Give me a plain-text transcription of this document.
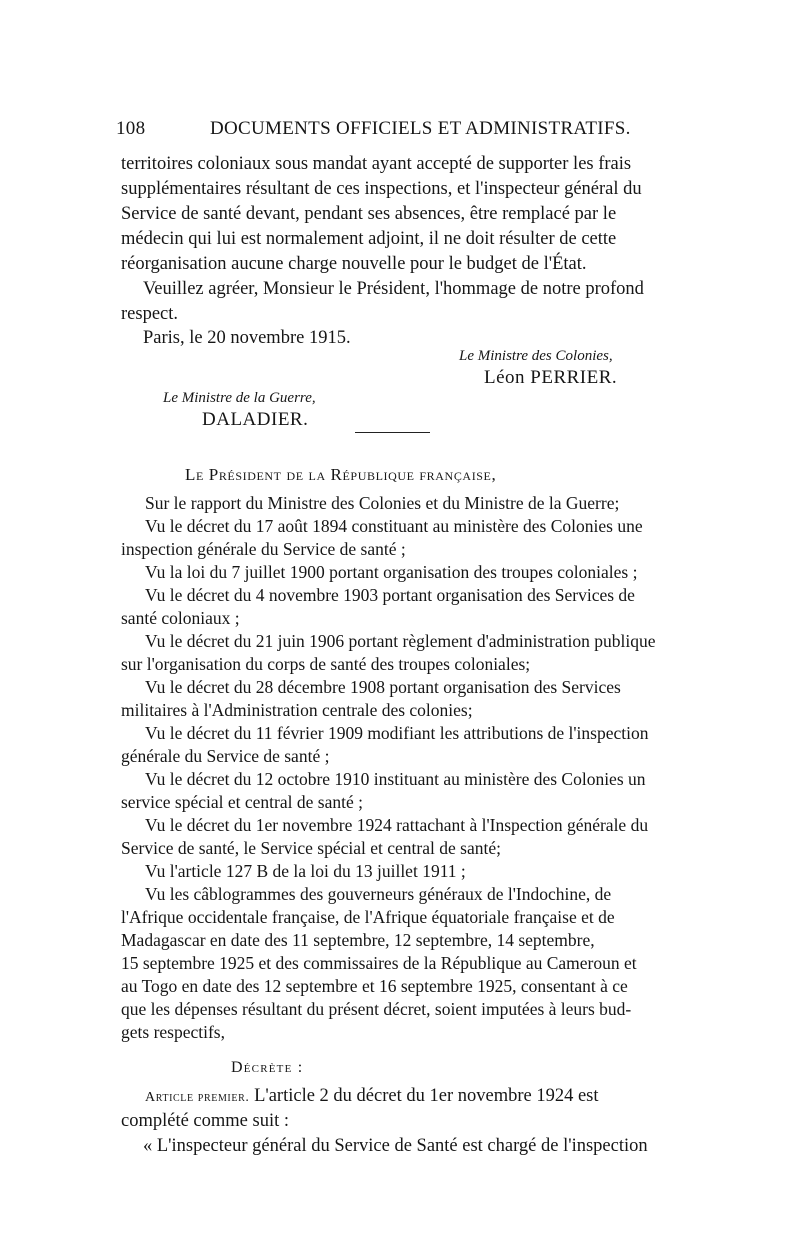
108	DOCUMENTS OFFICIELS ET ADMINISTRATIFS.
territoires coloniaux sous mandat ayant accepté de supporter les frais
supplémentaires résultant de ces inspections, et l'inspecteur général du
Service de santé devant, pendant ses absences, être remplacé par le
médecin qui lui est normalement adjoint, il ne doit résulter de cette
réorganisation aucune charge nouvelle pour le budget de l'État.
Veuillez agréer, Monsieur le Président, l'hommage de notre profond
respect.
Paris, le 20 novembre 1915.
Le Ministre des Colonies,
Léon PERRIER.
Le Ministre de la Guerre,
DALADIER.
Le Président de la République française,
Sur le rapport du Ministre des Colonies et du Ministre de la Guerre;
Vu le décret du 17 août 1894 constituant au ministère des Colonies une
inspection générale du Service de santé ;
Vu la loi du 7 juillet 1900 portant organisation des troupes coloniales ;
Vu le décret du 4 novembre 1903 portant organisation des Services de
santé coloniaux ;
Vu le décret du 21 juin 1906 portant règlement d'administration publique
sur l'organisation du corps de santé des troupes coloniales;
Vu le décret du 28 décembre 1908 portant organisation des Services
militaires à l'Administration centrale des colonies;
Vu le décret du 11 février 1909 modifiant les attributions de l'inspection
générale du Service de santé ;
Vu le décret du 12 octobre 1910 instituant au ministère des Colonies un
service spécial et central de santé ;
Vu le décret du 1er novembre 1924 rattachant à l'Inspection générale du
Service de santé, le Service spécial et central de santé;
Vu l'article 127 B de la loi du 13 juillet 1911 ;
Vu les câblogrammes des gouverneurs généraux de l'Indochine, de
l'Afrique occidentale française, de l'Afrique équatoriale française et de
Madagascar en date des 11 septembre, 12 septembre, 14 septembre,
15 septembre 1925 et des commissaires de la République au Cameroun et
au Togo en date des 12 septembre et 16 septembre 1925, consentant à ce
que les dépenses résultant du présent décret, soient imputées à leurs bud-
gets respectifs,
Décrète :
Article premier. L'article 2 du décret du 1er novembre 1924 est
complété comme suit :
« L'inspecteur général du Service de Santé est chargé de l'inspection
